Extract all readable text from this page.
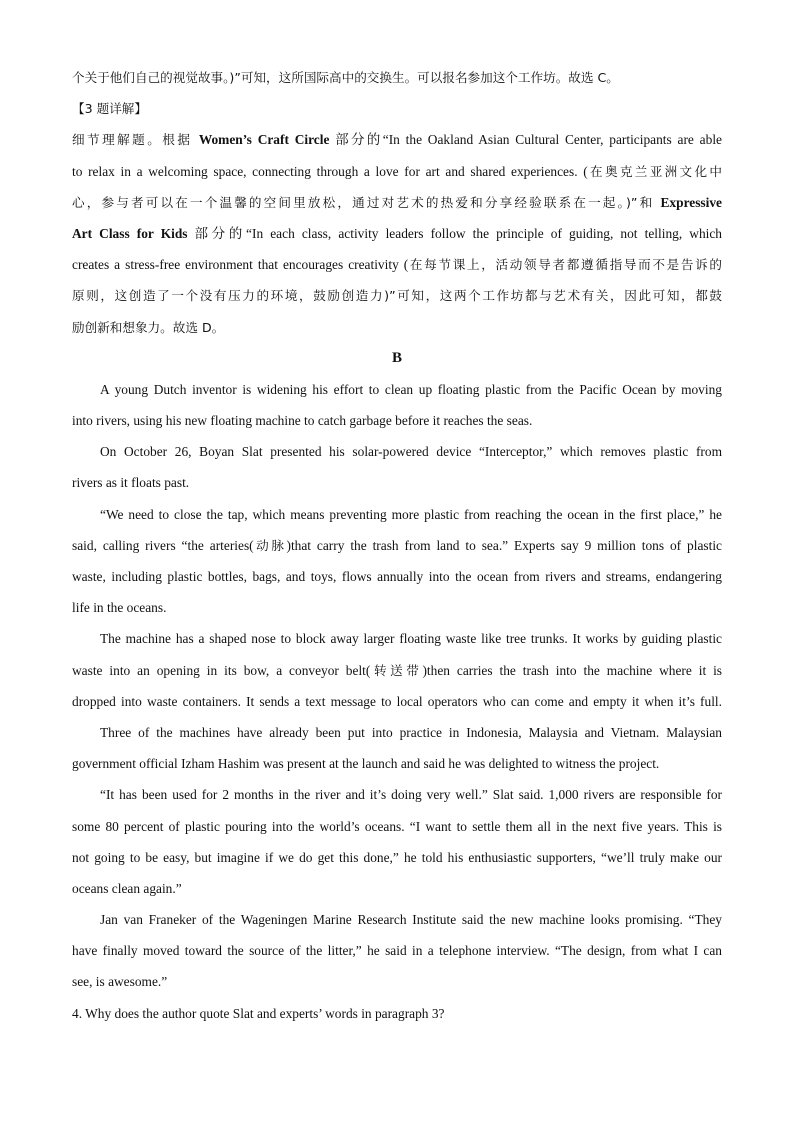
个关于他们自己的视觉故事。)”可知，这所国际高中的交换生。可以报名参加这个工作坊。故选 C。
【3 题详解】
细节理解题。根据 Women’s Craft Circle 部分的“In the Oakland Asian Cultural Center, participants are able
to relax in a welcoming space, connecting through a love for art and shared experiences. (在奥克兰亚洲文化中
心，参与者可以在一个温馨的空间里放松，通过对艺术的热爱和分享经验联系在一起。)”和 Expressive
Art Class for Kids 部分的“In each class, activity leaders follow the principle of guiding, not telling, which
creates a stress-free environment that encourages creativity (在每节课上，活动领导者都遵循指导而不是告诉的
原则，这创造了一个没有压力的环境，鼓励创造力)”可知，这两个工作坊都与艺术有关，因此可知，都鼓
励创新和想象力。故选 D。
B
A young Dutch inventor is widening his effort to clean up floating plastic from the Pacific Ocean by moving
into rivers, using his new floating machine to catch garbage before it reaches the seas.
On October 26, Boyan Slat presented his solar-powered device “Interceptor,” which removes plastic from
rivers as it floats past.
“We need to close the tap, which means preventing more plastic from reaching the ocean in the first place,” he
said, calling rivers “the arteries(动脉)that carry the trash from land to sea.” Experts say 9 million tons of plastic
waste, including plastic bottles, bags, and toys, flows annually into the ocean from rivers and streams, endangering
life in the oceans.
The machine has a shaped nose to block away larger floating waste like tree trunks. It works by guiding plastic
waste into an opening in its bow, a conveyor belt(转送带)then carries the trash into the machine where it is
dropped into waste containers. It sends a text message to local operators who can come and empty it when it’s full.
Three of the machines have already been put into practice in Indonesia, Malaysia and Vietnam. Malaysian
government official Izham Hashim was present at the launch and said he was delighted to witness the project.
“It has been used for 2 months in the river and it’s doing very well.” Slat said. 1,000 rivers are responsible for
some 80 percent of plastic pouring into the world’s oceans. “I want to settle them all in the next five years. This is
not going to be easy, but imagine if we do get this done,” he told his enthusiastic supporters, “we’ll truly make our
oceans clean again.”
Jan van Franeker of the Wageningen Marine Research Institute said the new machine looks promising. “They
have finally moved toward the source of the litter,” he said in a telephone interview. “The design, from what I can
see, is awesome.”
4. Why does the author quote Slat and experts’ words in paragraph 3?
